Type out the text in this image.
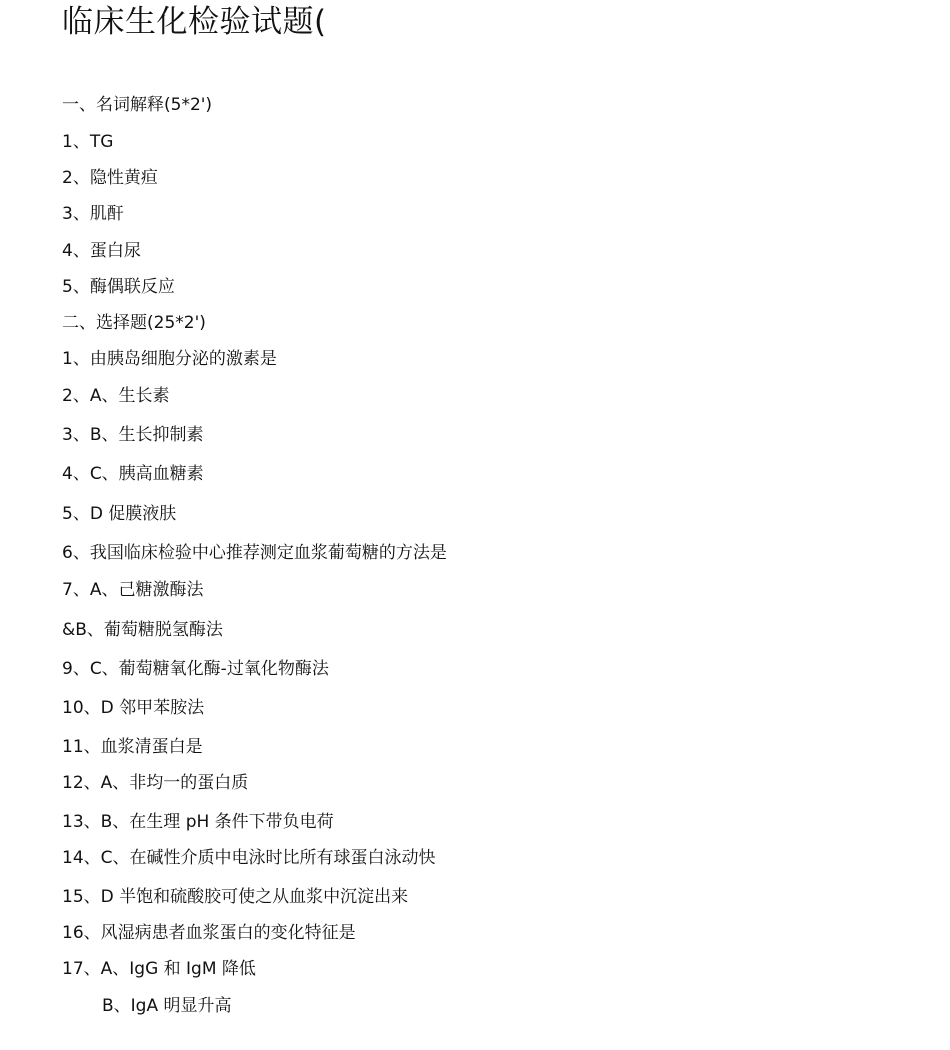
临床生化检验试题(
一、名词解释(5*2')
1、TG
2、隐性黄疸
3、肌酐
4、蛋白尿
5、酶偶联反应
二、选择题(25*2')
1、由胰岛细胞分泌的激素是
2、A、生长素
3、B、生长抑制素
4、C、胰高血糖素
5、D 促膜液肤
6、我国临床检验中心推荐测定血浆葡萄糖的方法是
7、A、己糖激酶法
&B、葡萄糖脱氢酶法
9、C、葡萄糖氧化酶-过氧化物酶法
10、D 邻甲苯胺法
11、血浆清蛋白是
12、A、非均一的蛋白质
13、B、在生理 pH 条件下带负电荷
14、C、在碱性介质中电泳时比所有球蛋白泳动快
15、D 半饱和硫酸胶可使之从血浆中沉淀出来
16、风湿病患者血浆蛋白的变化特征是
17、A、IgG 和 IgM 降低
B、IgA 明显升高
